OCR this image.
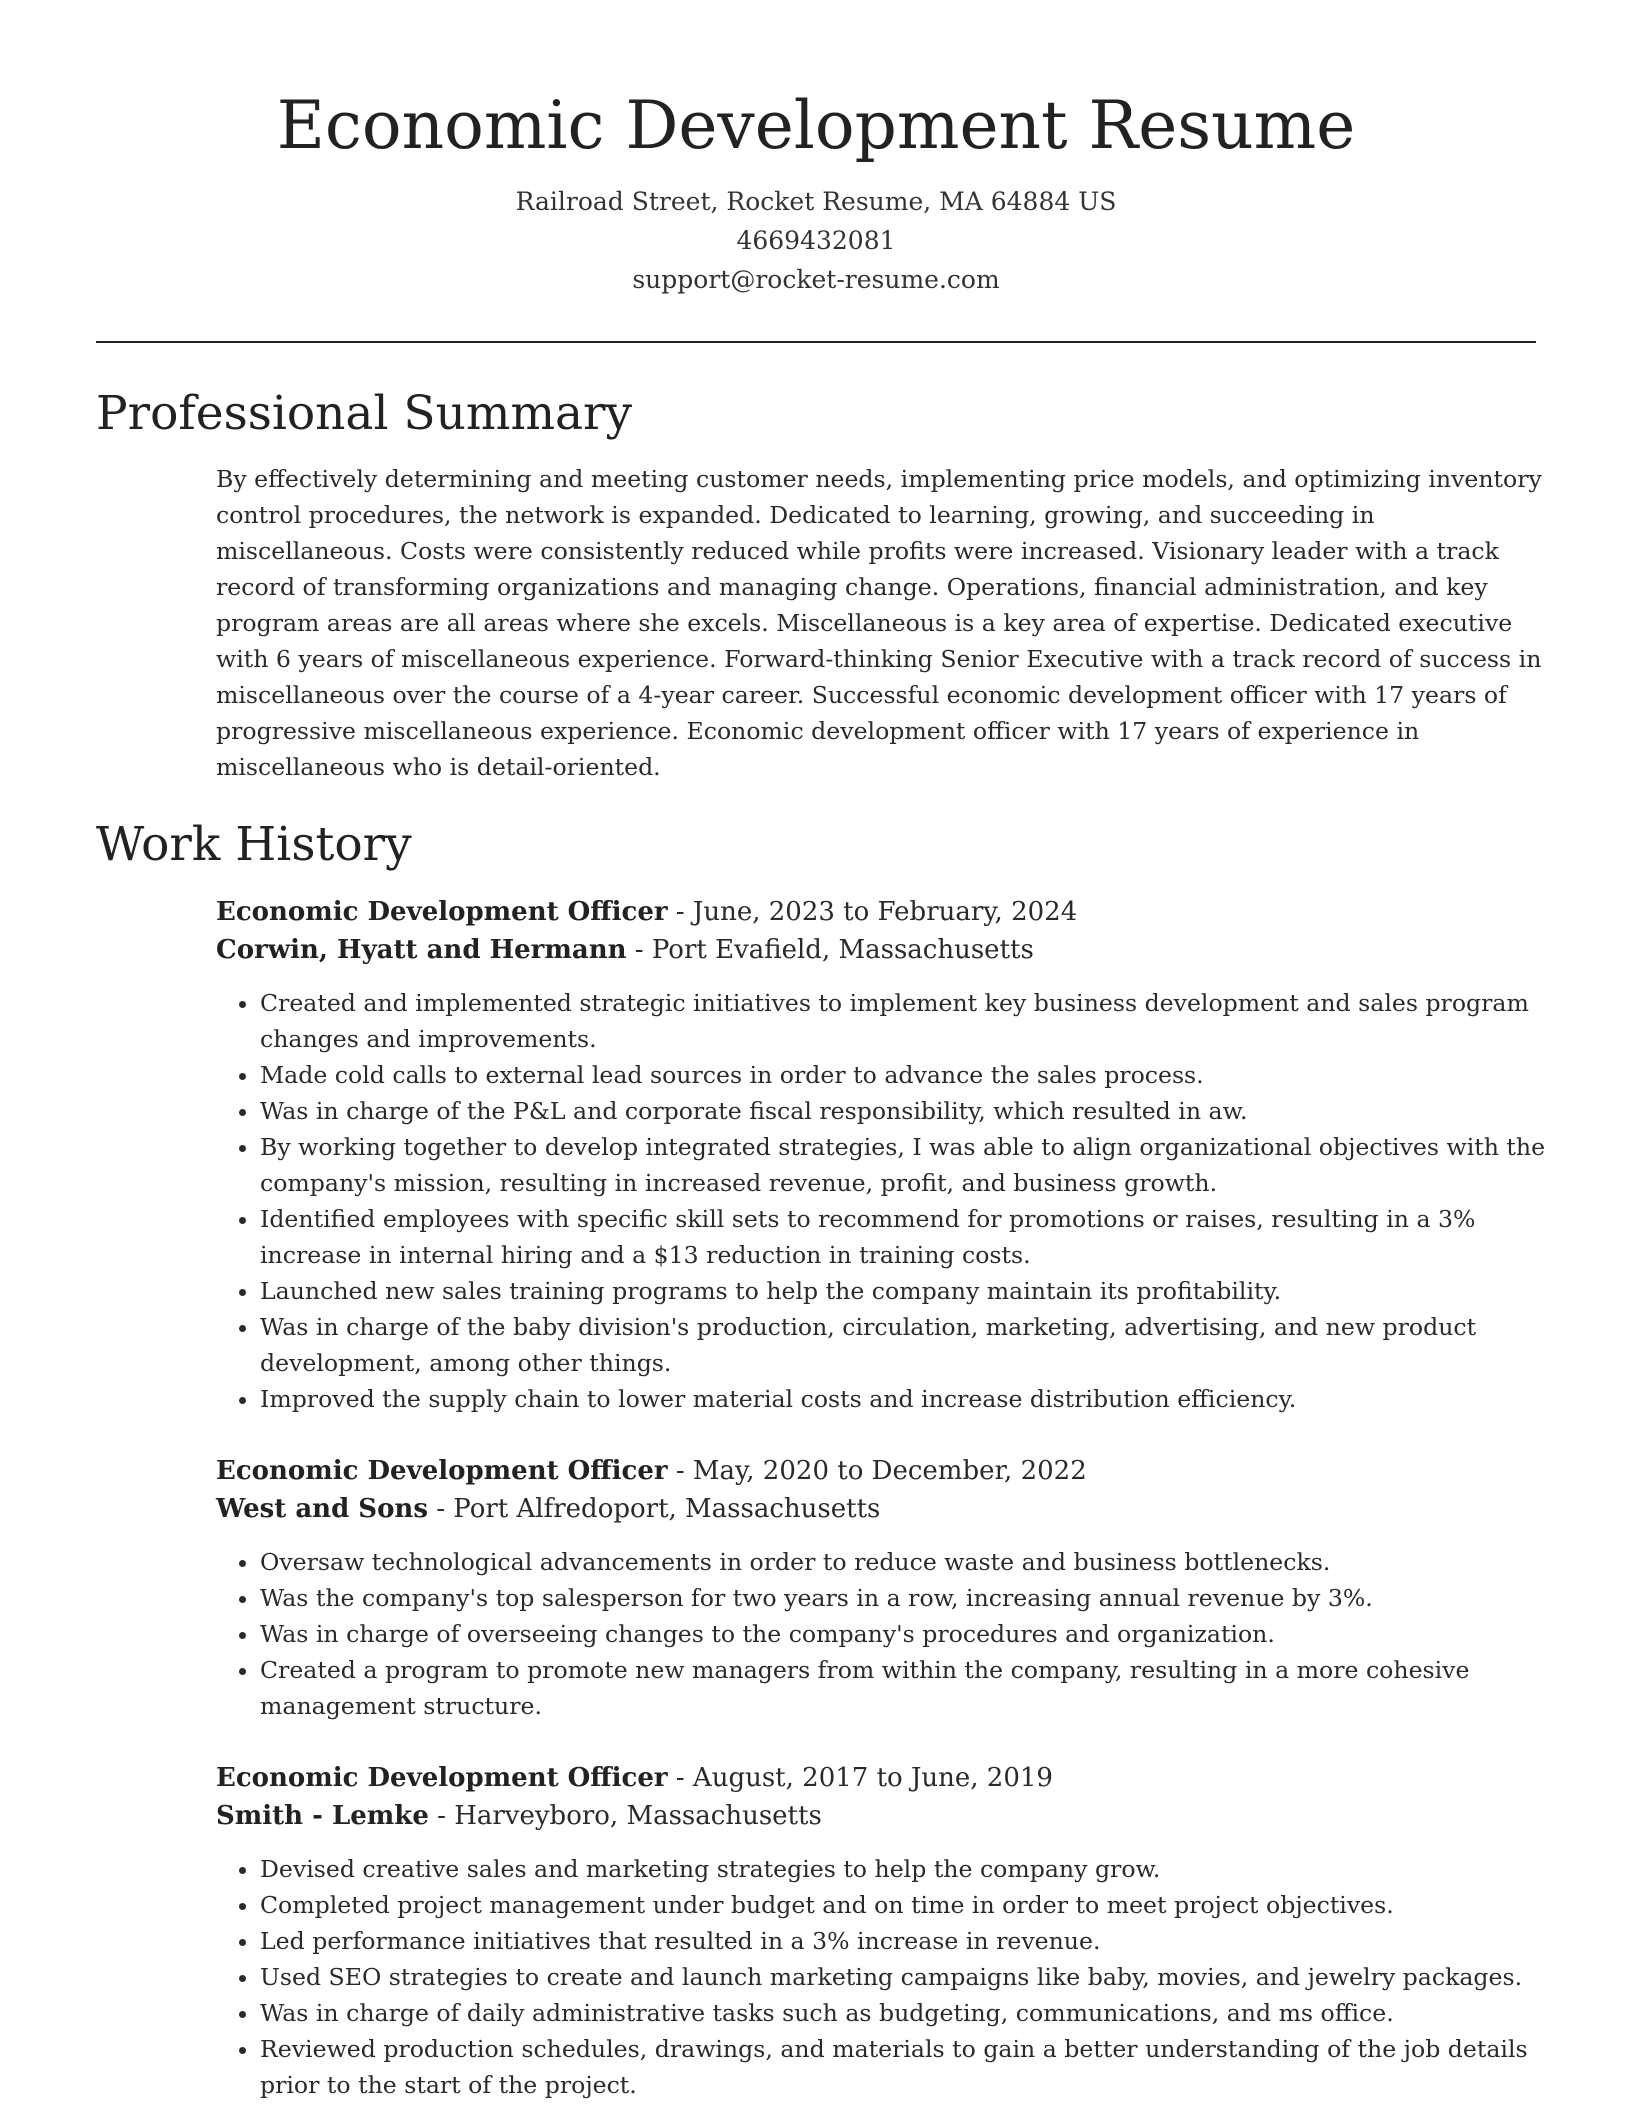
Economic Development Resume
Railroad Street, Rocket Resume, MA 64884 US
4669432081
support@rocket-resume.com
Professional Summary

By effectively determining and meeting customer needs, implementing price models, and optimizing inventory control procedures, the network is expanded. Dedicated to learning, growing, and succeeding in miscellaneous. Costs were consistently reduced while profits were increased. Visionary leader with a track record of transforming organizations and managing change. Operations, financial administration, and key program areas are all areas where she excels. Miscellaneous is a key area of expertise. Dedicated executive with 6 years of miscellaneous experience. Forward-thinking Senior Executive with a track record of success in miscellaneous over the course of a 4-year career. Successful economic development officer with 17 years of progressive miscellaneous experience. Economic development officer with 17 years of experience in miscellaneous who is detail-oriented.

Work History
Economic Development Officer - June, 2023 to February, 2024
Corwin, Hyatt and Hermann - Port Evafield, Massachusetts
• Created and implemented strategic initiatives to implement key business development and sales program changes and improvements.
• Made cold calls to external lead sources in order to advance the sales process.
• Was in charge of the P&L and corporate fiscal responsibility, which resulted in aw.
• By working together to develop integrated strategies, I was able to align organizational objectives with the company's mission, resulting in increased revenue, profit, and business growth.
• Identified employees with specific skill sets to recommend for promotions or raises, resulting in a 3% increase in internal hiring and a $13 reduction in training costs.
• Launched new sales training programs to help the company maintain its profitability.
• Was in charge of the baby division's production, circulation, marketing, advertising, and new product development, among other things.
• Improved the supply chain to lower material costs and increase distribution efficiency.
Economic Development Officer - May, 2020 to December, 2022
West and Sons - Port Alfredoport, Massachusetts
• Oversaw technological advancements in order to reduce waste and business bottlenecks.
• Was the company's top salesperson for two years in a row, increasing annual revenue by 3%.
• Was in charge of overseeing changes to the company's procedures and organization.
• Created a program to promote new managers from within the company, resulting in a more cohesive management structure.
Economic Development Officer - August, 2017 to June, 2019
Smith - Lemke - Harveyboro, Massachusetts
• Devised creative sales and marketing strategies to help the company grow.
• Completed project management under budget and on time in order to meet project objectives.
• Led performance initiatives that resulted in a 3% increase in revenue.
• Used SEO strategies to create and launch marketing campaigns like baby, movies, and jewelry packages.
• Was in charge of daily administrative tasks such as budgeting, communications, and ms office.
• Reviewed production schedules, drawings, and materials to gain a better understanding of the job details prior to the start of the project.
